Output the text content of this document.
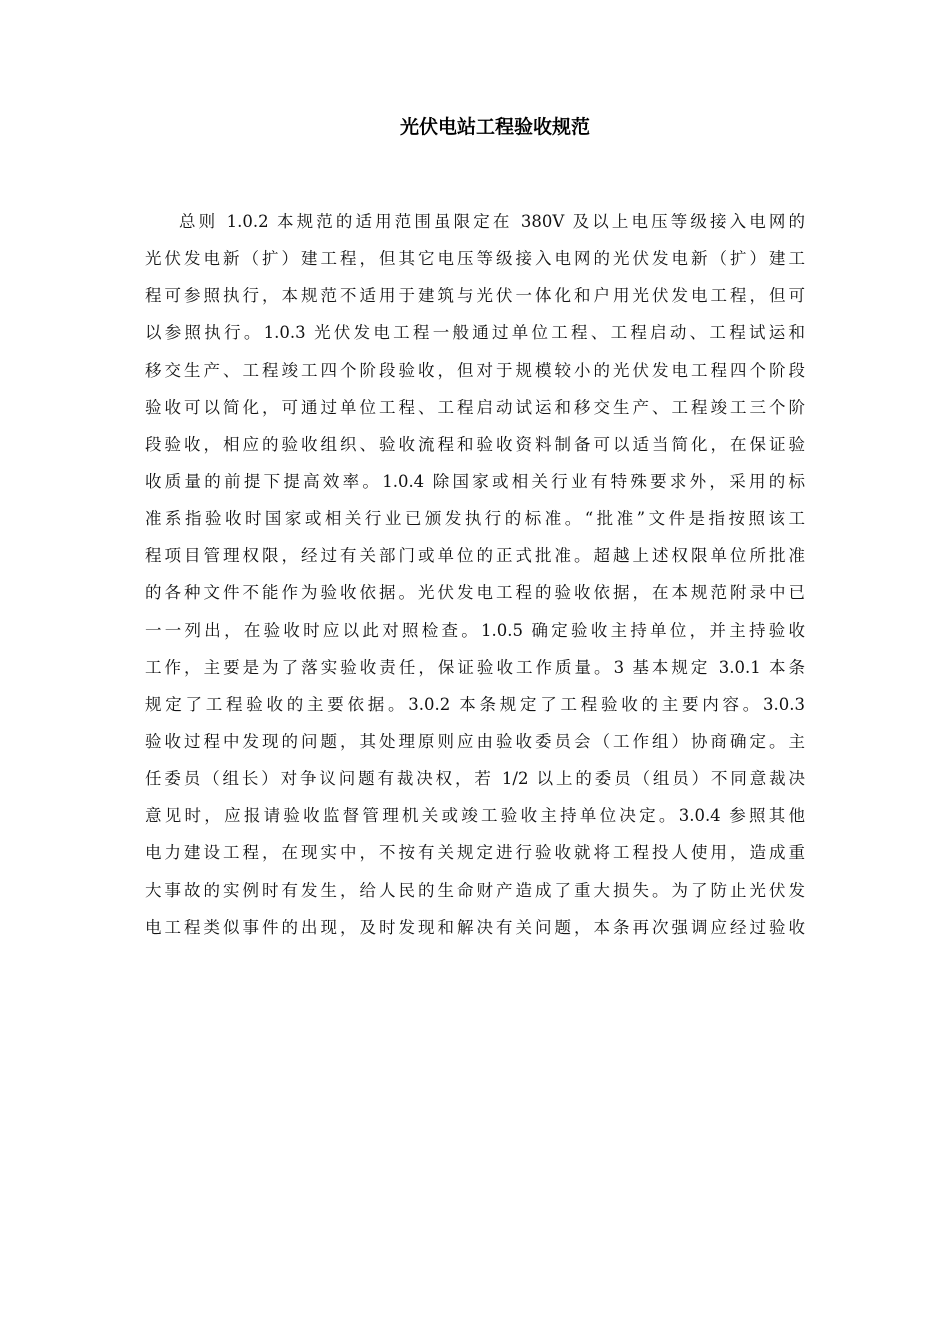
光伏电站工程验收规范
总则 1.0.2 本规范的适用范围虽限定在 380V 及以上电压等级接入电网的
光伏发电新（扩）建工程，但其它电压等级接入电网的光伏发电新（扩）建工
程可参照执行，本规范不适用于建筑与光伏一体化和户用光伏发电工程，但可
以参照执行。1.0.3 光伏发电工程一般通过单位工程、工程启动、工程试运和
移交生产、工程竣工四个阶段验收，但对于规模较小的光伏发电工程四个阶段
验收可以简化，可通过单位工程、工程启动试运和移交生产、工程竣工三个阶
段验收，相应的验收组织、验收流程和验收资料制备可以适当简化，在保证验
收质量的前提下提高效率。1.0.4 除国家或相关行业有特殊要求外，采用的标
准系指验收时国家或相关行业已颁发执行的标准。“批准”文件是指按照该工
程项目管理权限，经过有关部门或单位的正式批准。超越上述权限单位所批准
的各种文件不能作为验收依据。光伏发电工程的验收依据，在本规范附录中已
一一列出，在验收时应以此对照检查。1.0.5 确定验收主持单位，并主持验收
工作，主要是为了落实验收责任，保证验收工作质量。3 基本规定 3.0.1 本条
规定了工程验收的主要依据。3.0.2 本条规定了工程验收的主要内容。3.0.3
验收过程中发现的问题，其处理原则应由验收委员会（工作组）协商确定。主
任委员（组长）对争议问题有裁决权，若 1/2 以上的委员（组员）不同意裁决
意见时，应报请验收监督管理机关或竣工验收主持单位决定。3.0.4 参照其他
电力建设工程，在现实中，不按有关规定进行验收就将工程投人使用，造成重
大事故的实例时有发生，给人民的生命财产造成了重大损失。为了防止光伏发
电工程类似事件的出现，及时发现和解决有关问题，本条再次强调应经过验收
